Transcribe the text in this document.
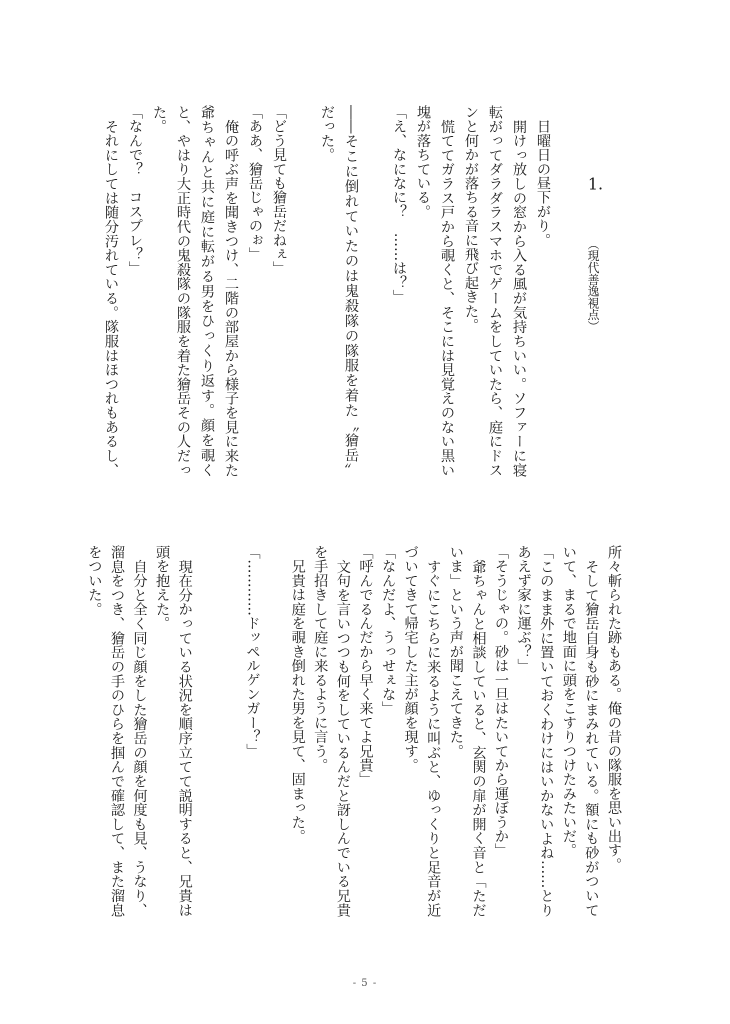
1.
（現代善逸視点）
　日曜日の昼下がり。
　開けっ放しの窓から入る風が気持ちいい。ソファーに寝
転がってダラダラスマホでゲームをしていたら、庭にドス
ンと何かが落ちる音に飛び起きた。
　慌ててガラス戸から覗くと、そこには見覚えのない黒い
塊が落ちている。
「え、なになに？　……は？」
――そこに倒れていたのは鬼殺隊の隊服を着た〝獪岳〟
だった。
「どう見ても獪岳だねぇ」
「ああ、獪岳じゃのぉ」
　俺の呼ぶ声を聞きつけ、二階の部屋から様子を見に来た
爺ちゃんと共に庭に転がる男をひっくり返す。顔を覗く
と、やはり大正時代の鬼殺隊の隊服を着た獪岳その人だっ
た。
「なんで？　コスプレ？」
　それにしては随分汚れている。隊服はほつれもあるし、
所々斬られた跡もある。俺の昔の隊服を思い出す。
　そして獪岳自身も砂にまみれている。額にも砂がついて
いて、まるで地面に頭をこすりつけたみたいだ。
「このまま外に置いておくわけにはいかないよね……とり
あえず家に運ぶ？」
「そうじゃの。砂は一旦はたいてから運ぼうか」
　爺ちゃんと相談していると、玄関の扉が開く音と「ただ
いま」という声が聞こえてきた。
　すぐにこちらに来るように叫ぶと、ゆっくりと足音が近
づいてきて帰宅した主が顔を現す。
「なんだよ、うっせぇな」
「呼んでるんだから早く来てよ兄貴」
　文句を言いつつも何をしているんだと訝しんでいる兄貴
を手招きして庭に来るように言う。
　兄貴は庭を覗き倒れた男を見て、固まった。
「…………ドッペルゲンガー？」
　現在分かっている状況を順序立てて説明すると、兄貴は
頭を抱えた。
　自分と全く同じ顔をした獪岳の顔を何度も見、うなり、
溜息をつき、獪岳の手のひらを掴んで確認して、また溜息
をついた。
- 5 -
